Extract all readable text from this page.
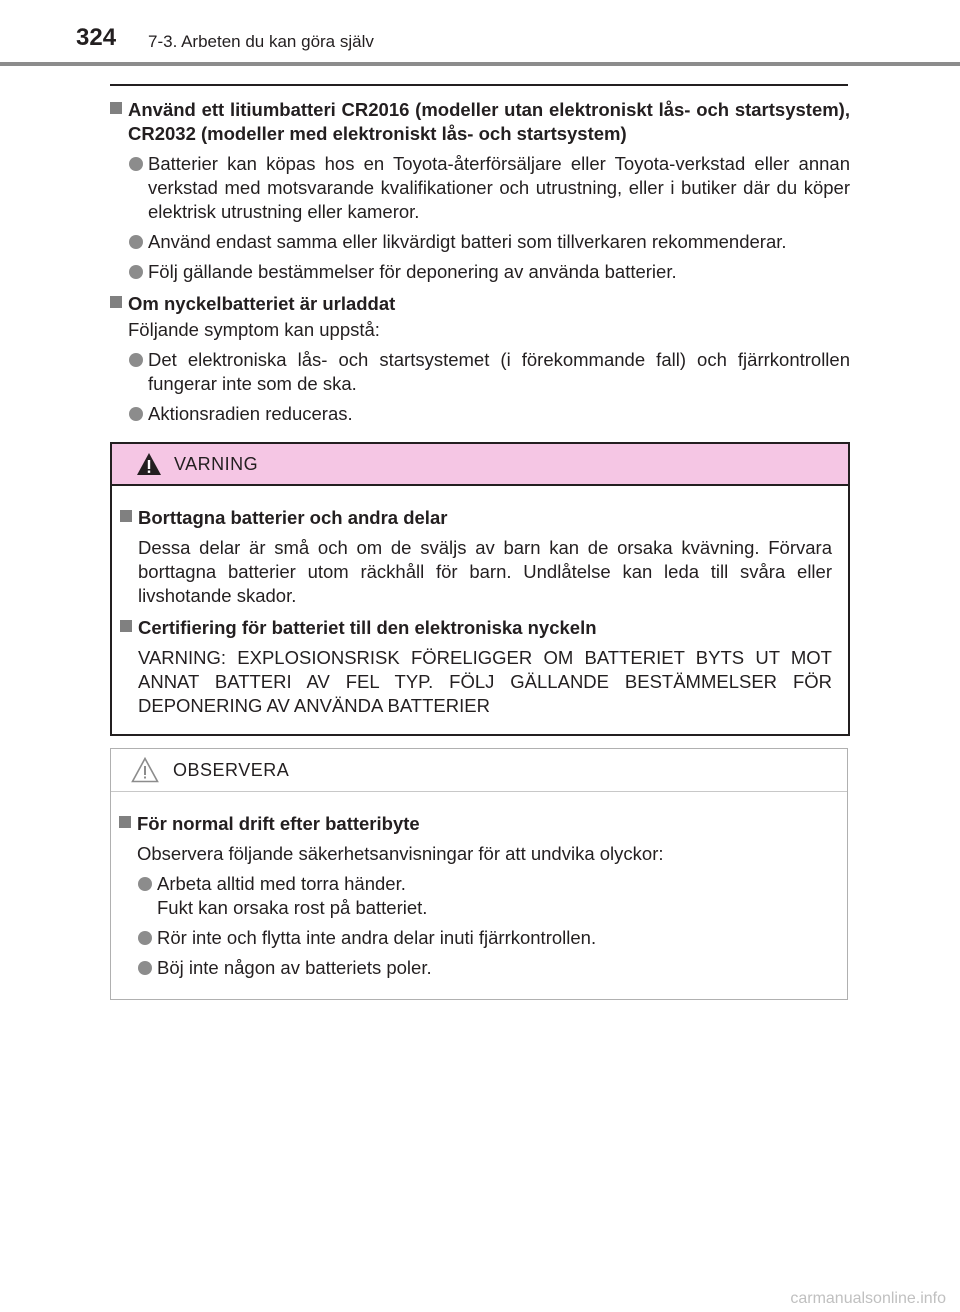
324 7-3. Arbeten du kan göra själv
Använd ett litiumbatteri CR2016 (modeller utan elektroniskt lås- och startsystem), CR2032 (modeller med elektroniskt lås- och startsystem)
Batterier kan köpas hos en Toyota-återförsäljare eller Toyota-verkstad eller annan verkstad med motsvarande kvalifikationer och utrustning, eller i butiker där du köper elektrisk utrustning eller kameror.
Använd endast samma eller likvärdigt batteri som tillverkaren rekommenderar.
Följ gällande bestämmelser för deponering av använda batterier.
Om nyckelbatteriet är urladdat
Följande symptom kan uppstå:
Det elektroniska lås- och startsystemet (i förekommande fall) och fjärrkontrollen fungerar inte som de ska.
Aktionsradien reduceras.
VARNING
Borttagna batterier och andra delar
Dessa delar är små och om de sväljs av barn kan de orsaka kvävning. Förvara borttagna batterier utom räckhåll för barn. Undlåtelse kan leda till svåra eller livshotande skador.
Certifiering för batteriet till den elektroniska nyckeln
VARNING: EXPLOSIONSRISK FÖRELIGGER OM BATTERIET BYTS UT MOT ANNAT BATTERI AV FEL TYP. FÖLJ GÄLLANDE BESTÄMMELSER FÖR DEPONERING AV ANVÄNDA BATTERIER
OBSERVERA
För normal drift efter batteribyte
Observera följande säkerhetsanvisningar för att undvika olyckor:
Arbeta alltid med torra händer.
Fukt kan orsaka rost på batteriet.
Rör inte och flytta inte andra delar inuti fjärrkontrollen.
Böj inte någon av batteriets poler.
carmanualsonline.info
